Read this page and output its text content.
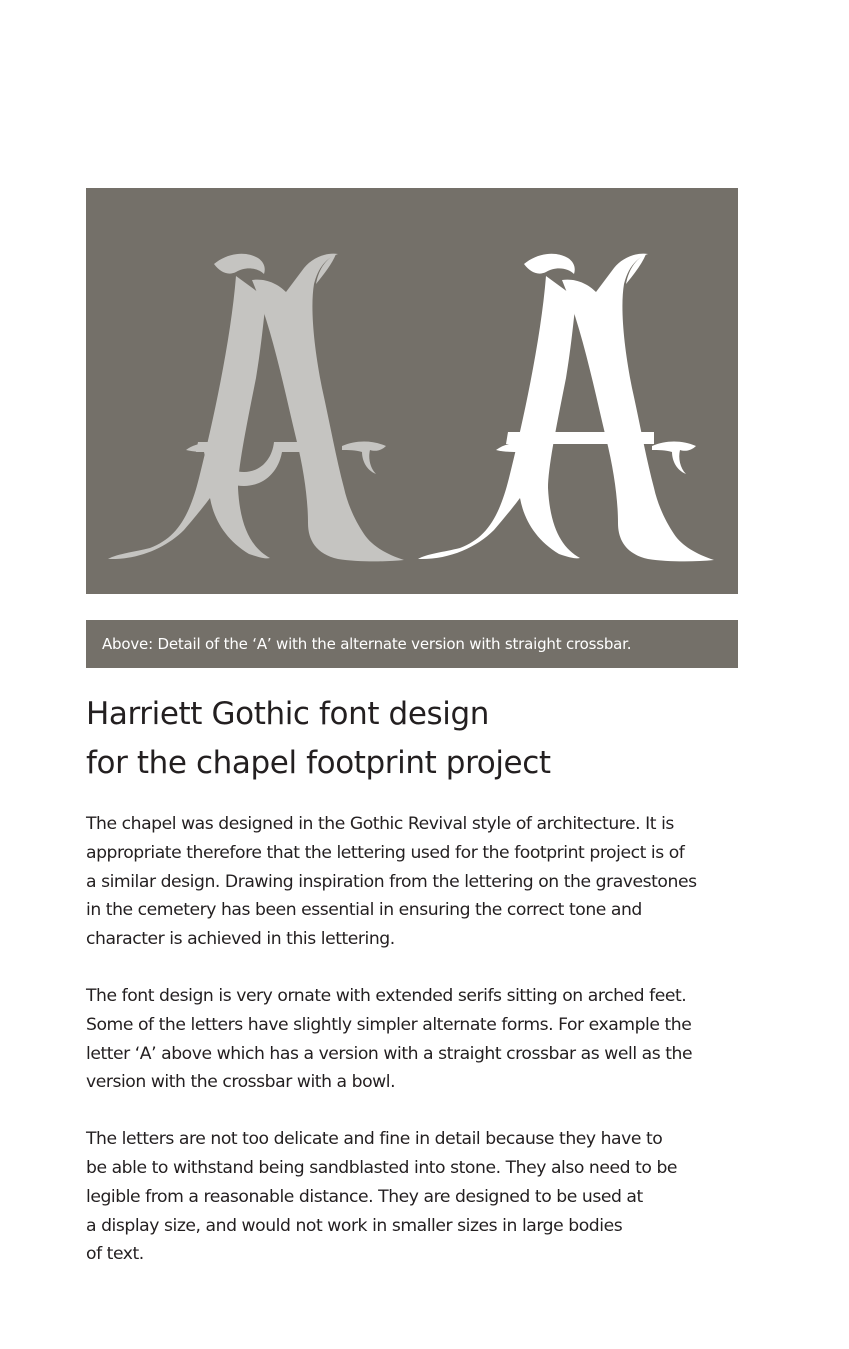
Above: Detail of the ‘A’ with the alternate version with straight crossbar.
Harriett Gothic font design
for the chapel footprint project

The chapel was designed in the Gothic Revival style of architecture. It is
appropriate therefore that the lettering used for the footprint project is of
a similar design. Drawing inspiration from the lettering on the gravestones
in the cemetery has been essential in ensuring the correct tone and
character is achieved in this lettering.

The font design is very ornate with extended serifs sitting on arched feet.
Some of the letters have slightly simpler alternate forms. For example the
letter ‘A’ above which has a version with a straight crossbar as well as the
version with the crossbar with a bowl.

The letters are not too delicate and fine in detail because they have to
be able to withstand being sandblasted into stone. They also need to be
legible from a reasonable distance. They are designed to be used at
a display size, and would not work in smaller sizes in large bodies
of text.
